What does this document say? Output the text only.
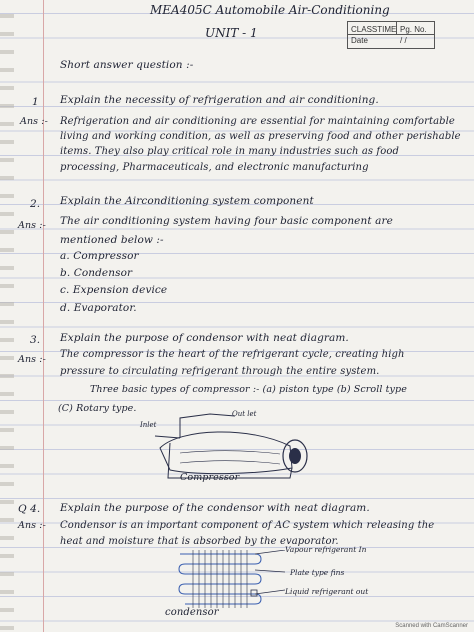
MEA405C Automobile Air-Conditioning
UNIT - 1	CLASSTIME Pg. No.
Date	/ /
Short answer question :-
1 Explain the necessity of refrigeration and air conditioning.
Ans :- Refrigeration and air conditioning are essential for maintaining comfortable
living and working condition, as well as preserving food and other perishable
items. They also play critical role in many industries such as food
processing, Pharmaceuticals, and electronic manufacturing
2. Explain the Airconditioning system component
Ans :- The air conditioning system having four basic component are
mentioned below :-
a. Compressor
b. Condensor
c. Expension device
d. Evaporator.
3. Explain the purpose of condensor with neat diagram.
Ans :- The compressor is the heart of the refrigerant cycle, creating high
pressure to circulating refrigerant through the entire system.
Three basic types of compressor :- (a) piston type (b) Scroll type
(C) Rotary type.
Inlet
Out let
Compressor
Q 4. Explain the purpose of the condensor with neat diagram.
Ans :- Condensor is an important component of AC system which releasing the
heat and moisture that is absorbed by the evaporator.
Vapour refrigerant In
Plate type fins
Liquid refrigerant out
condensor
Scanned with CamScanner
